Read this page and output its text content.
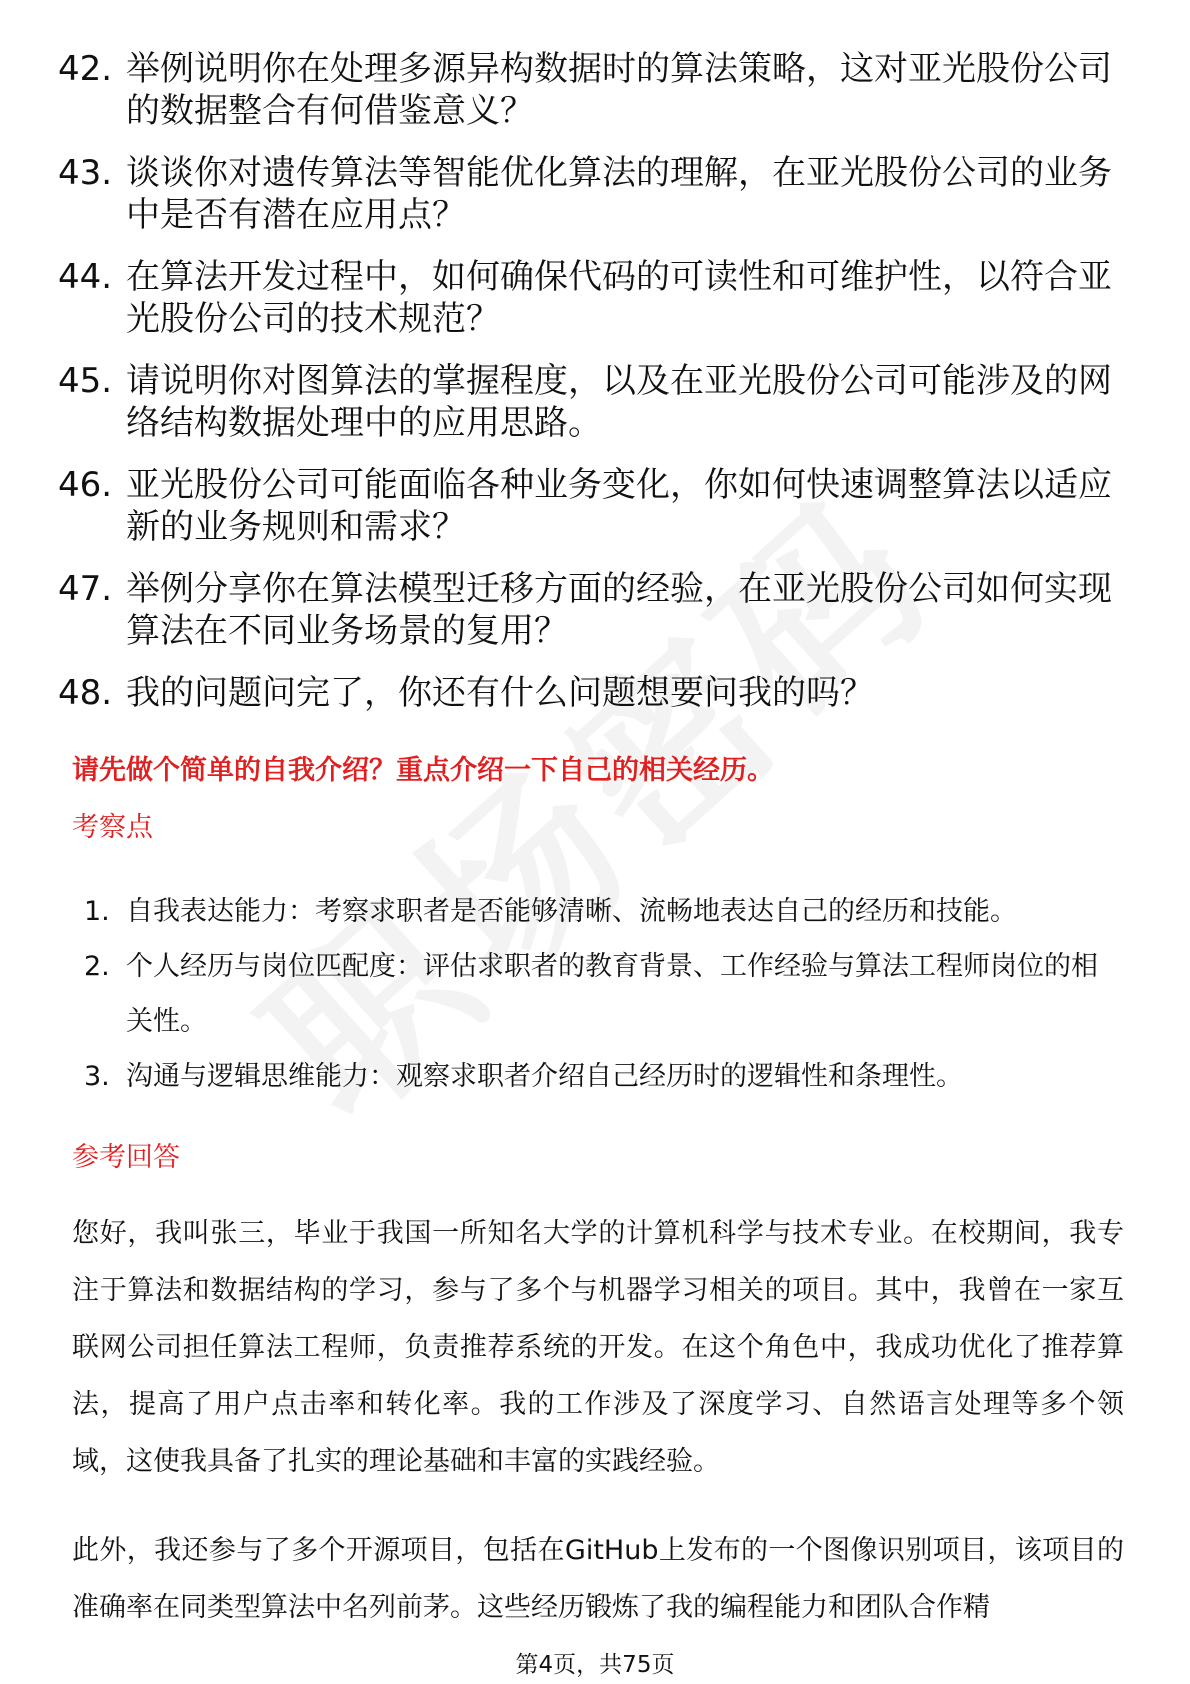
42. 举例说明你在处理多源异构数据时的算法策略，这对亚光股份公司的数据整合有何借鉴意义？
43. 谈谈你对遗传算法等智能优化算法的理解，在亚光股份公司的业务中是否有潜在应用点？
44. 在算法开发过程中，如何确保代码的可读性和可维护性，以符合亚光股份公司的技术规范？
45. 请说明你对图算法的掌握程度，以及在亚光股份公司可能涉及的网络结构数据处理中的应用思路。
46. 亚光股份公司可能面临各种业务变化，你如何快速调整算法以适应新的业务规则和需求？
47. 举例分享你在算法模型迁移方面的经验，在亚光股份公司如何实现算法在不同业务场景的复用？
48. 我的问题问完了，你还有什么问题想要问我的吗？
请先做个简单的自我介绍？重点介绍一下自己的相关经历。
考察点
1. 自我表达能力：考察求职者是否能够清晰、流畅地表达自己的经历和技能。
2. 个人经历与岗位匹配度：评估求职者的教育背景、工作经验与算法工程师岗位的相关性。
3. 沟通与逻辑思维能力：观察求职者介绍自己经历时的逻辑性和条理性。
参考回答

您好，我叫张三，毕业于我国一所知名大学的计算机科学与技术专业。在校期间，我专注于算法和数据结构的学习，参与了多个与机器学习相关的项目。其中，我曾在一家互联网公司担任算法工程师，负责推荐系统的开发。在这个角色中，我成功优化了推荐算法，提高了用户点击率和转化率。我的工作涉及了深度学习、自然语言处理等多个领域，这使我具备了扎实的理论基础和丰富的实践经验。

此外，我还参与了多个开源项目，包括在GitHub上发布的一个图像识别项目，该项目的准确率在同类型算法中名列前茅。这些经历锻炼了我的编程能力和团队合作精

第4页，共75页
